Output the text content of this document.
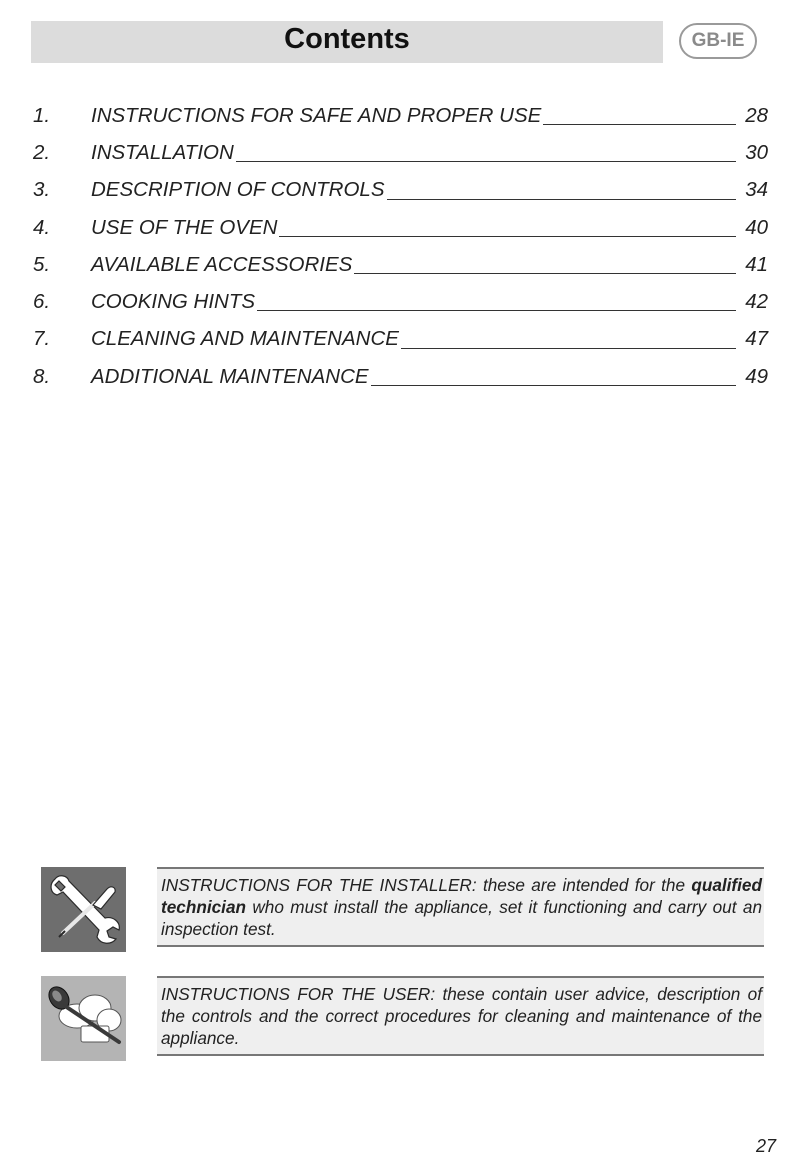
Contents	GB-IE
1.	INSTRUCTIONS FOR SAFE AND PROPER USE	28
2.	INSTALLATION	30
3.	DESCRIPTION OF CONTROLS	34
4.	USE OF THE OVEN	40
5.	AVAILABLE ACCESSORIES	41
6.	COOKING HINTS	42
7.	CLEANING AND MAINTENANCE	47
8.	ADDITIONAL MAINTENANCE	49
INSTRUCTIONS FOR THE INSTALLER: these are intended for the qualified technician who must install the appliance, set it functioning and carry out an inspection test.
INSTRUCTIONS FOR THE USER: these contain user advice, description of the controls and the correct procedures for cleaning and maintenance of the appliance.
27
